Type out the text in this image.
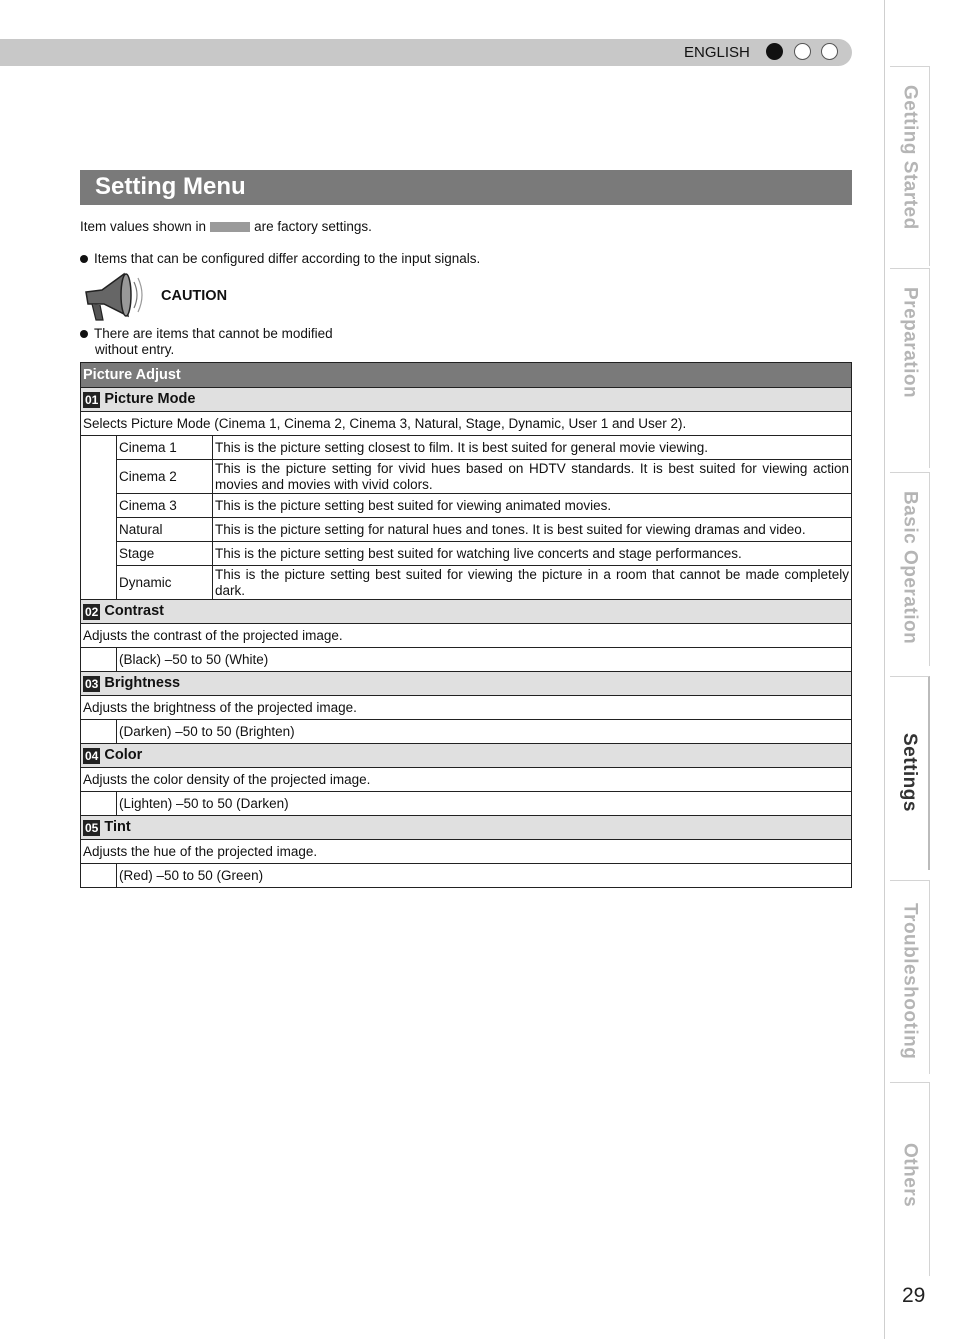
ENGLISH
Setting Menu
Item values shown in	are factory settings.
Items that can be configured differ according to the input signals.
CAUTION
There are items that cannot be modified
without entry.
Picture Adjust		
01 Picture Mode		
Selects Picture Mode (Cinema 1, Cinema 2, Cinema 3, Natural, Stage, Dynamic, User 1 and User 2).		
	Cinema 1	This is the picture setting closest to film. It is best suited for general movie viewing.
	Cinema 2	This is the picture setting for vivid hues based on HDTV standards. It is best suited for viewing action movies and movies with vivid colors.
	Cinema 3	This is the picture setting best suited for viewing animated movies.
	Natural	This is the picture setting for natural hues and tones. It is best suited for viewing dramas and video.
	Stage	This is the picture setting best suited for watching live concerts and stage performances.
	Dynamic	This is the picture setting best suited for viewing the picture in a room that cannot be made completely dark.
02 Contrast		
Adjusts the contrast of the projected image.		
	(Black) –50 to 50 (White)	
03 Brightness		
Adjusts the brightness of the projected image.		
	(Darken) –50 to 50 (Brighten)	
04 Color		
Adjusts the color density of the projected image.		
	(Lighten) –50 to 50 (Darken)	
05 Tint		
Adjusts the hue of the projected image.		
	(Red) –50 to 50 (Green)	
Getting Started
Preparation
Basic Operation
Settings
Troubleshooting
Others
29
